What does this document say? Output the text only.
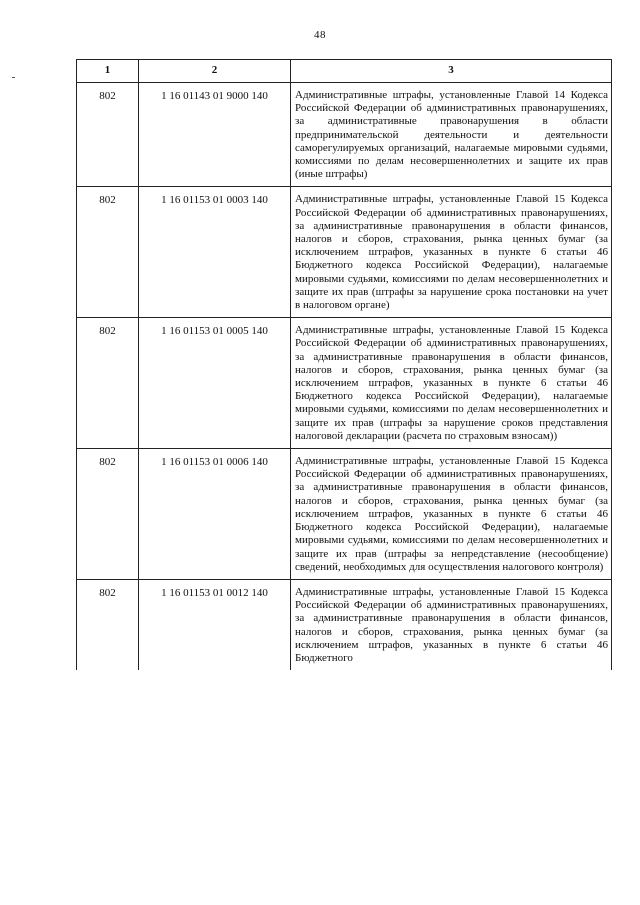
48
1	2	3
802	1 16 01143 01 9000 140	Административные штрафы, установленные Главой 14 Кодекса Российской Федерации об административных правонарушениях, за административные правонарушения в области предпринимательской деятельности и деятельности саморегулируемых организаций, налагаемые мировыми судьями, комиссиями по делам несовершеннолетних и защите их прав (иные штрафы)
802	1 16 01153 01 0003 140	Административные штрафы, установленные Главой 15 Кодекса Российской Федерации об административных правонарушениях, за административные правонарушения в области финансов, налогов и сборов, страхования, рынка ценных бумаг (за исключением штрафов, указанных в пункте 6 статьи 46 Бюджетного кодекса Российской Федерации), налагаемые мировыми судьями, комиссиями по делам несовершеннолетних и защите их прав (штрафы за нарушение срока постановки на учет в налоговом органе)
802	1 16 01153 01 0005 140	Административные штрафы, установленные Главой 15 Кодекса Российской Федерации об административных правонарушениях, за административные правонарушения в области финансов, налогов и сборов, страхования, рынка ценных бумаг (за исключением штрафов, указанных в пункте 6 статьи 46 Бюджетного кодекса Российской Федерации), налагаемые мировыми судьями, комиссиями по делам несовершеннолетних и защите их прав (штрафы за нарушение сроков представления налоговой декларации (расчета по страховым взносам))
802	1 16 01153 01 0006 140	Административные штрафы, установленные Главой 15 Кодекса Российской Федерации об административных правонарушениях, за административные правонарушения в области финансов, налогов и сборов, страхования, рынка ценных бумаг (за исключением штрафов, указанных в пункте 6 статьи 46 Бюджетного кодекса Российской Федерации), налагаемые мировыми судьями, комиссиями по делам несовершеннолетних и защите их прав (штрафы за непредставление (несообщение) сведений, необходимых для осуществления налогового контроля)
802	1 16 01153 01 0012 140	Административные штрафы, установленные Главой 15 Кодекса Российской Федерации об административных правонарушениях, за административные правонарушения в области финансов, налогов и сборов, страхования, рынка ценных бумаг (за исключением штрафов, указанных в пункте 6 статьи 46 Бюджетного
